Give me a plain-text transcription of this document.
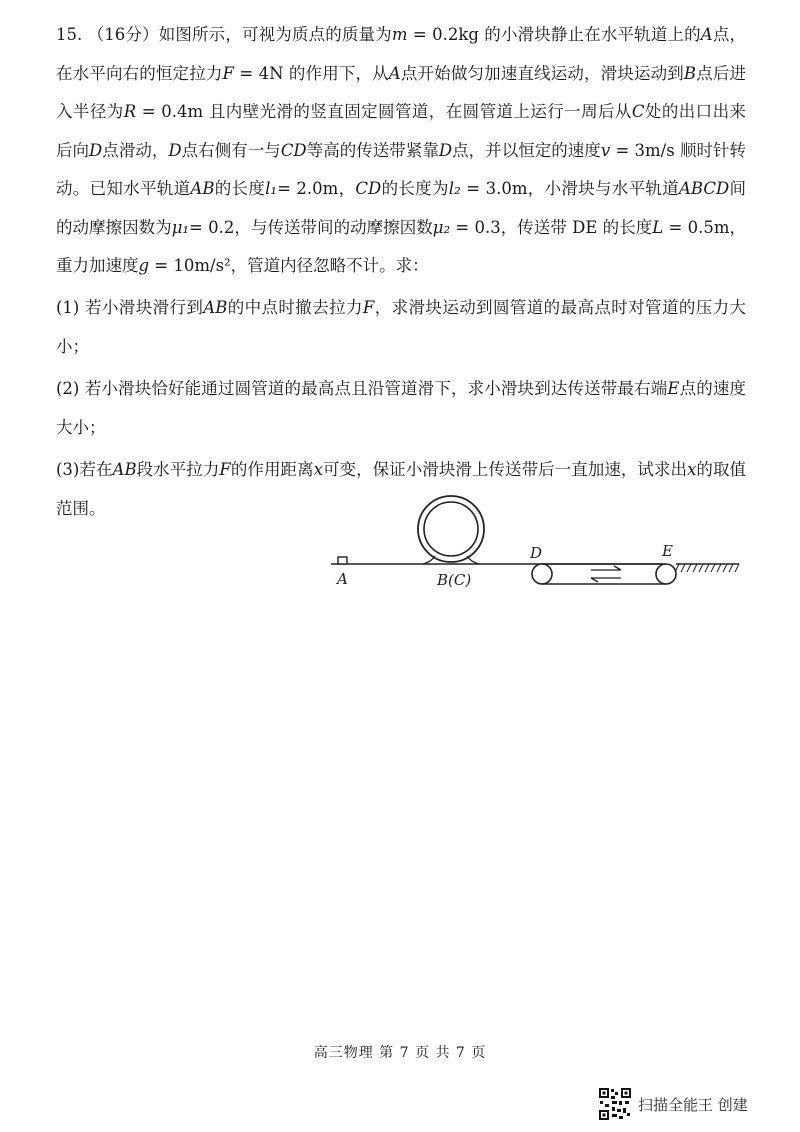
15. （16分）如图所示，可视为质点的质量为m = 0.2kg 的小滑块静止在水平轨道上的A点，在水平向右的恒定拉力F = 4N 的作用下，从A点开始做匀加速直线运动，滑块运动到B点后进入半径为R = 0.4m 且内壁光滑的竖直固定圆管道，在圆管道上运行一周后从C处的出口出来后向D点滑动，D点右侧有一与CD等高的传送带紧靠D点，并以恒定的速度v = 3m/s 顺时针转动。已知水平轨道AB的长度l₁= 2.0m，CD的长度为l₂ = 3.0m，小滑块与水平轨道ABCD间的动摩擦因数为μ₁= 0.2，与传送带间的动摩擦因数μ₂ = 0.3，传送带 DE 的长度L = 0.5m，重力加速度g = 10m/s²，管道内径忽略不计。求：
(1) 若小滑块滑行到AB的中点时撤去拉力F，求滑块运动到圆管道的最高点时对管道的压力大小；
(2) 若小滑块恰好能通过圆管道的最高点且沿管道滑下，求小滑块到达传送带最右端E点的速度大小；
(3)若在AB段水平拉力F的作用距离x可变，保证小滑块滑上传送带后一直加速，试求出x的取值范围。
A	B(C)
D	E
高三物理 第 7 页 共 7 页
扫描全能王 创建
